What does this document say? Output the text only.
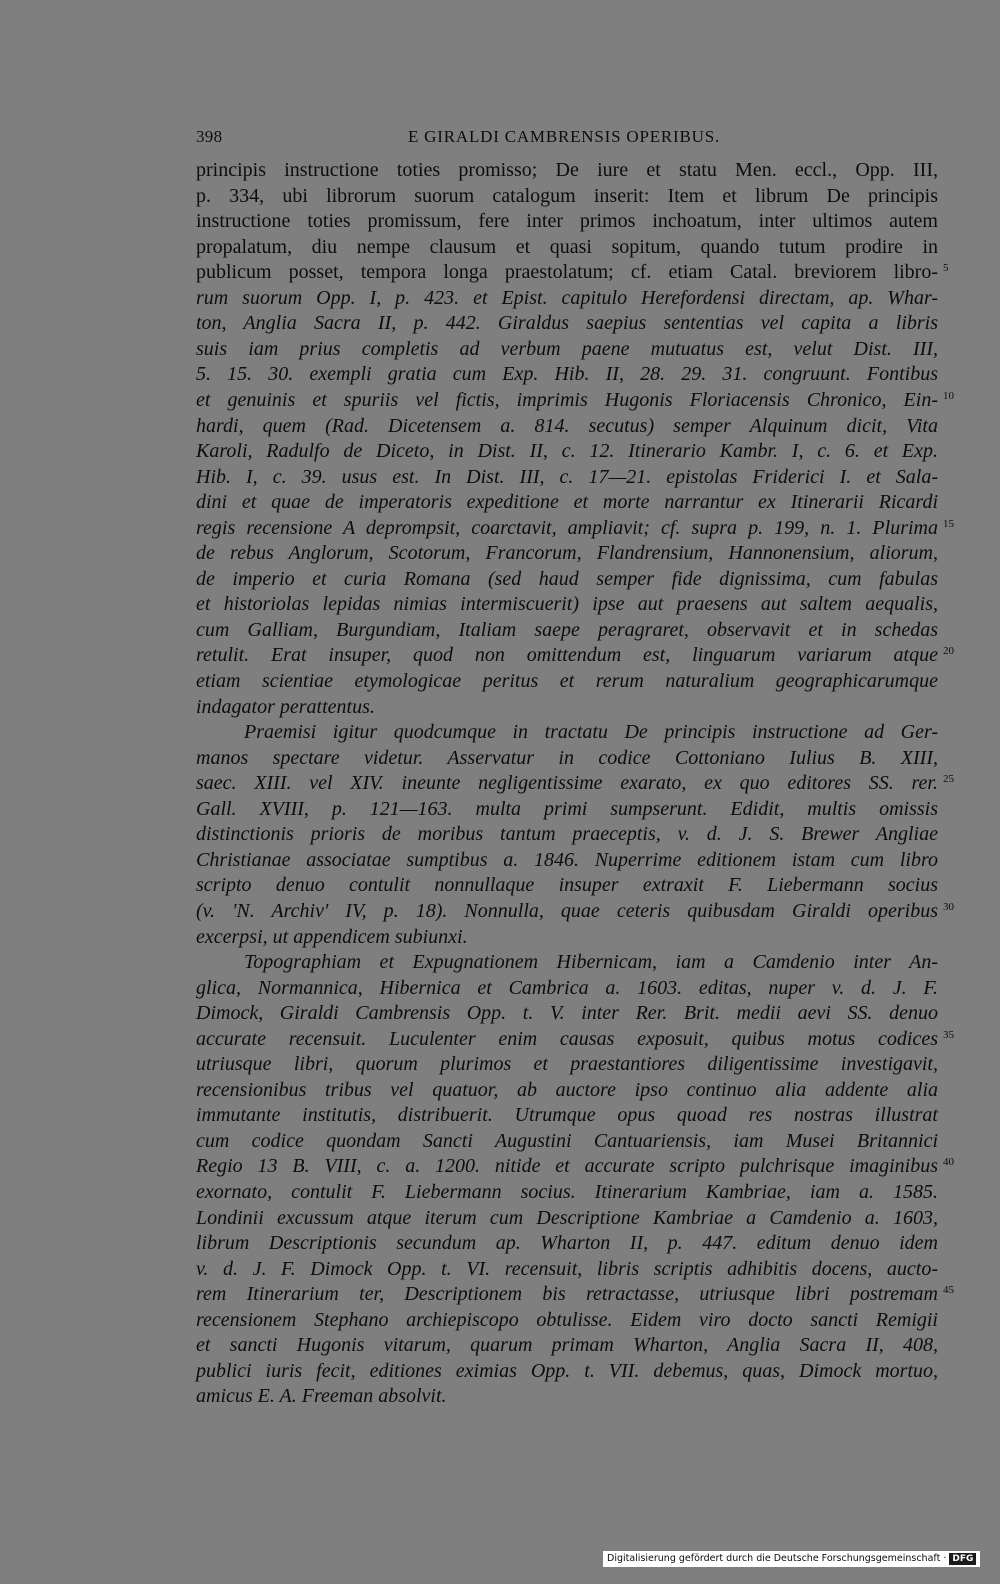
398	E GIRALDI CAMBRENSIS OPERIBUS.
principis instructione toties promisso; De iure et statu Men. eccl., Opp. III,
p. 334, ubi librorum suorum catalogum inserit: Item et librum De principis
instructione toties promissum, fere inter primos inchoatum, inter ultimos autem
propalatum, diu nempe clausum et quasi sopitum, quando tutum prodire in
publicum posset, tempora longa praestolatum; cf. etiam Catal. breviorem libro- 5
rum suorum Opp. I, p. 423. et Epist. capitulo Herefordensi directam, ap. Whar-
ton, Anglia Sacra II, p. 442. Giraldus saepius sententias vel capita a libris
suis iam prius completis ad verbum paene mutuatus est, velut Dist. III,
5. 15. 30. exempli gratia cum Exp. Hib. II, 28. 29. 31. congruunt. Fontibus
et genuinis et spuriis vel fictis, imprimis Hugonis Floriacensis Chronico, Ein- 10
hardi, quem (Rad. Dicetensem a. 814. secutus) semper Alquinum dicit, Vita
Karoli, Radulfo de Diceto, in Dist. II, c. 12. Itinerario Kambr. I, c. 6. et Exp.
Hib. I, c. 39. usus est. In Dist. III, c. 17—21. epistolas Friderici I. et Sala-
dini et quae de imperatoris expeditione et morte narrantur ex Itinerarii Ricardi
regis recensione A deprompsit, coarctavit, ampliavit; cf. supra p. 199, n. 1. Plurima 15
de rebus Anglorum, Scotorum, Francorum, Flandrensium, Hannonensium, aliorum,
de imperio et curia Romana (sed haud semper fide dignissima, cum fabulas
et historiolas lepidas nimias intermiscuerit) ipse aut praesens aut saltem aequalis,
cum Galliam, Burgundiam, Italiam saepe peragraret, observavit et in schedas
retulit. Erat insuper, quod non omittendum est, linguarum variarum atque 20
etiam scientiae etymologicae peritus et rerum naturalium geographicarumque
indagator perattentus.
Praemisi igitur quodcumque in tractatu De principis instructione ad Ger-
manos spectare videtur. Asservatur in codice Cottoniano Iulius B. XIII,
saec. XIII. vel XIV. ineunte negligentissime exarato, ex quo editores SS. rer. 25
Gall. XVIII, p. 121—163. multa primi sumpserunt. Edidit, multis omissis
distinctionis prioris de moribus tantum praeceptis, v. d. J. S. Brewer Angliae
Christianae associatae sumptibus a. 1846. Nuperrime editionem istam cum libro
scripto denuo contulit nonnullaque insuper extraxit F. Liebermann socius
(v. 'N. Archiv' IV, p. 18). Nonnulla, quae ceteris quibusdam Giraldi operibus 30
excerpsi, ut appendicem subiunxi.
Topographiam et Expugnationem Hibernicam, iam a Camdenio inter An-
glica, Normannica, Hibernica et Cambrica a. 1603. editas, nuper v. d. J. F.
Dimock, Giraldi Cambrensis Opp. t. V. inter Rer. Brit. medii aevi SS. denuo
accurate recensuit. Luculenter enim causas exposuit, quibus motus codices 35
utriusque libri, quorum plurimos et praestantiores diligentissime investigavit,
recensionibus tribus vel quatuor, ab auctore ipso continuo alia addente alia
immutante institutis, distribuerit. Utrumque opus quoad res nostras illustrat
cum codice quondam Sancti Augustini Cantuariensis, iam Musei Britannici
Regio 13 B. VIII, c. a. 1200. nitide et accurate scripto pulchrisque imaginibus 40
exornato, contulit F. Liebermann socius. Itinerarium Kambriae, iam a. 1585.
Londinii excussum atque iterum cum Descriptione Kambriae a Camdenio a. 1603,
librum Descriptionis secundum ap. Wharton II, p. 447. editum denuo idem
v. d. J. F. Dimock Opp. t. VI. recensuit, libris scriptis adhibitis docens, aucto-
rem Itinerarium ter, Descriptionem bis retractasse, utriusque libri postremam 45
recensionem Stephano archiepiscopo obtulisse. Eidem viro docto sancti Remigii
et sancti Hugonis vitarum, quarum primam Wharton, Anglia Sacra II, 408,
publici iuris fecit, editiones eximias Opp. t. VII. debemus, quas, Dimock mortuo,
amicus E. A. Freeman absolvit.
Digitalisierung gefördert durch die Deutsche Forschungsgemeinschaft · DFG
